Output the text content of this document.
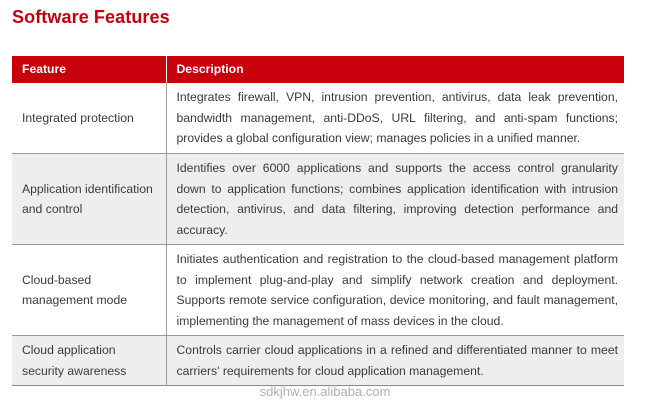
Software Features
Feature	Description
Integrated protection	Integrates firewall, VPN, intrusion prevention, antivirus, data leak prevention, bandwidth management, anti-DDoS, URL filtering, and anti-spam functions; provides a global configuration view; manages policies in a unified manner.
Application identification and control	Identifies over 6000 applications and supports the access control granularity down to application functions; combines application identification with intrusion detection, antivirus, and data filtering, improving detection performance and accuracy.
Cloud-based management mode	Initiates authentication and registration to the cloud-based management platform to implement plug-and-play and simplify network creation and deployment. Supports remote service configuration, device monitoring, and fault management, implementing the management of mass devices in the cloud.
Cloud application security awareness	Controls carrier cloud applications in a refined and differentiated manner to meet carriers' requirements for cloud application management.
sdkjhw.en.alibaba.com
